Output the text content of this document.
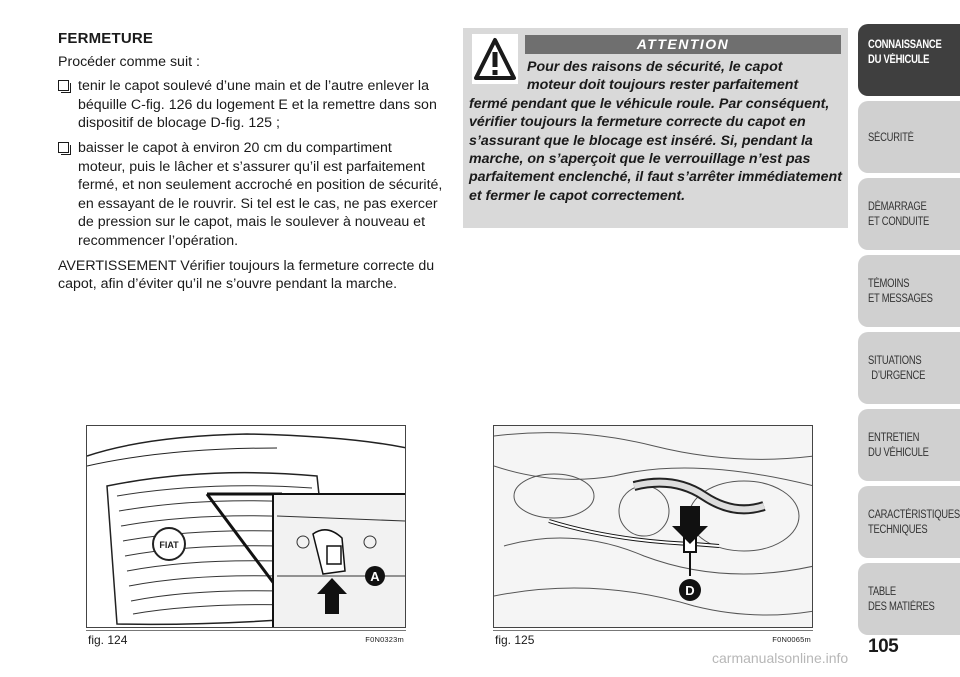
FERMETURE

Procéder comme suit :

tenir le capot soulevé d’une main et de l’autre enlever la béquille C-fig. 126 du logement E et la remettre dans son dispositif de blocage D-fig. 125 ;
baisser le capot à environ 20 cm du compartiment moteur, puis le lâcher et s’assurer qu’il est parfaitement fermé, et non seulement accroché en position de sécurité, en essayant de le rouvrir. Si tel est le cas, ne pas exercer de pression sur le capot, mais le soulever à nouveau et recommencer l’opération.

AVERTISSEMENT Vérifier toujours la fermeture correcte du capot, afin d’éviter qu’il ne s’ouvre pendant la marche.

ATTENTION
Pour des raisons de sécurité, le capot
moteur doit toujours rester parfaitement
fermé pendant que le véhicule roule. Par conséquent, vérifier toujours la fermeture correcte du capot en s’assurant que le blocage est inséré. Si, pendant la marche, on s’aperçoit que le verrouillage n’est pas parfaitement enclenché, il faut s’arrêter immédiatement et fermer le capot correctement.
FIAT
A
fig. 124	F0N0323m
D
fig. 125	F0N0065m
CONNAISSANCE
DU VÉHICULE
SÉCURITÉ
DÉMARRAGE
ET CONDUITE
TÉMOINS
ET MESSAGES
SITUATIONS
D’URGENCE
ENTRETIEN
DU VÉHICULE
CARACTÉRISTIQUES
TECHNIQUES
TABLE
DES MATIÈRES
105
carmanualsonline.info
